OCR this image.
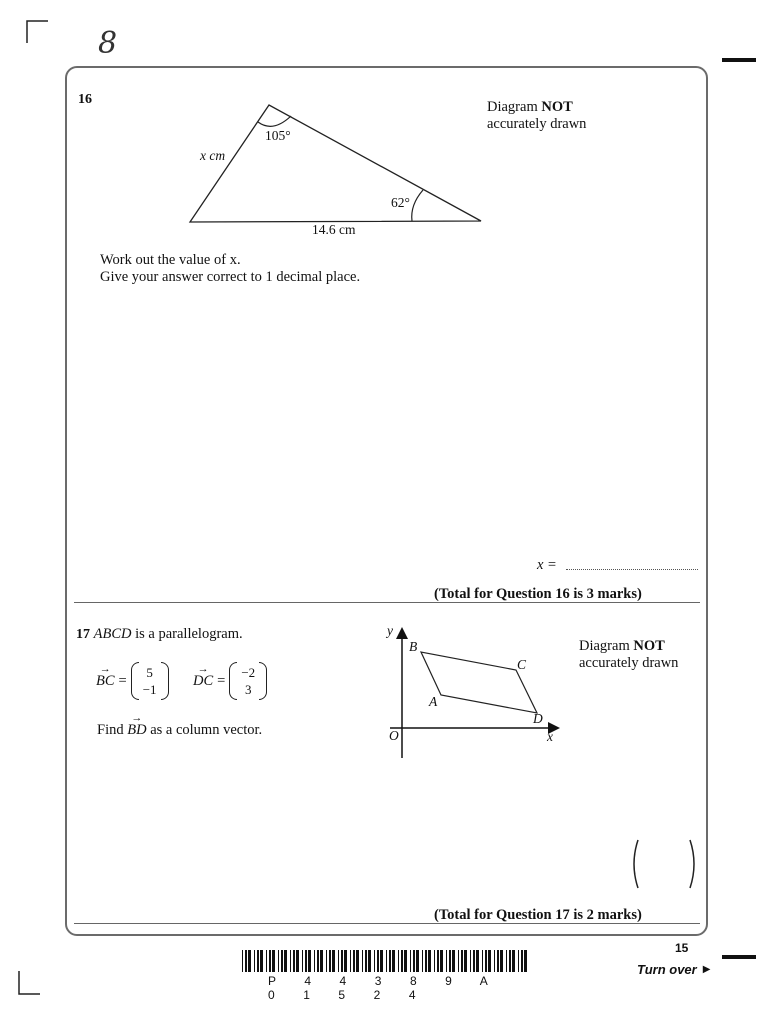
8
16
105°
62°
x cm
14.6 cm
Diagram NOT
accurately drawn
Work out the value of x.
Give your answer correct to 1 decimal place.
x =
(Total for Question 16 is 3 marks)
17 ABCD is a parallelogram.
→ BC =
5
−1
→ DC =
−2
3
Find → BD as a column vector.
y
x
O
A
B
C
D
Diagram NOT
accurately drawn
(Total for Question 17 is 2 marks)
15
Turn over ▶
P 4 4 3 8 9 A 0 1 5 2 4
